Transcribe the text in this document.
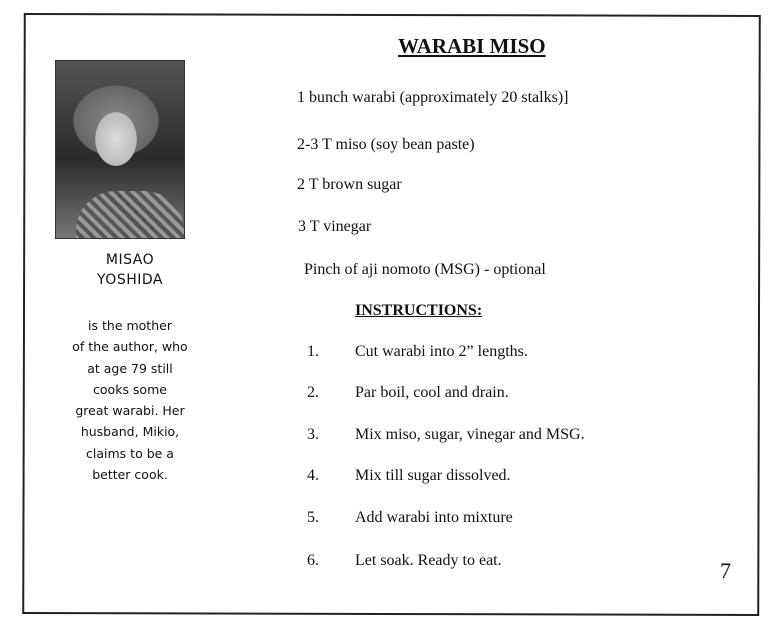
WARABI MISO
MISAO
YOSHIDA
is the mother
of the author, who
at age 79 still
cooks some
great warabi. Her
husband, Mikio,
claims to be a
better cook.
1 bunch warabi (approximately 20 stalks)]
2-3 T miso (soy bean paste)
2 T brown sugar
3 T vinegar
Pinch of aji nomoto (MSG) - optional
INSTRUCTIONS:
1. Cut warabi into 2” lengths.
2. Par boil, cool and drain.
3. Mix miso, sugar, vinegar and MSG.
4. Mix till sugar dissolved.
5. Add warabi into mixture
6. Let soak. Ready to eat.	7
